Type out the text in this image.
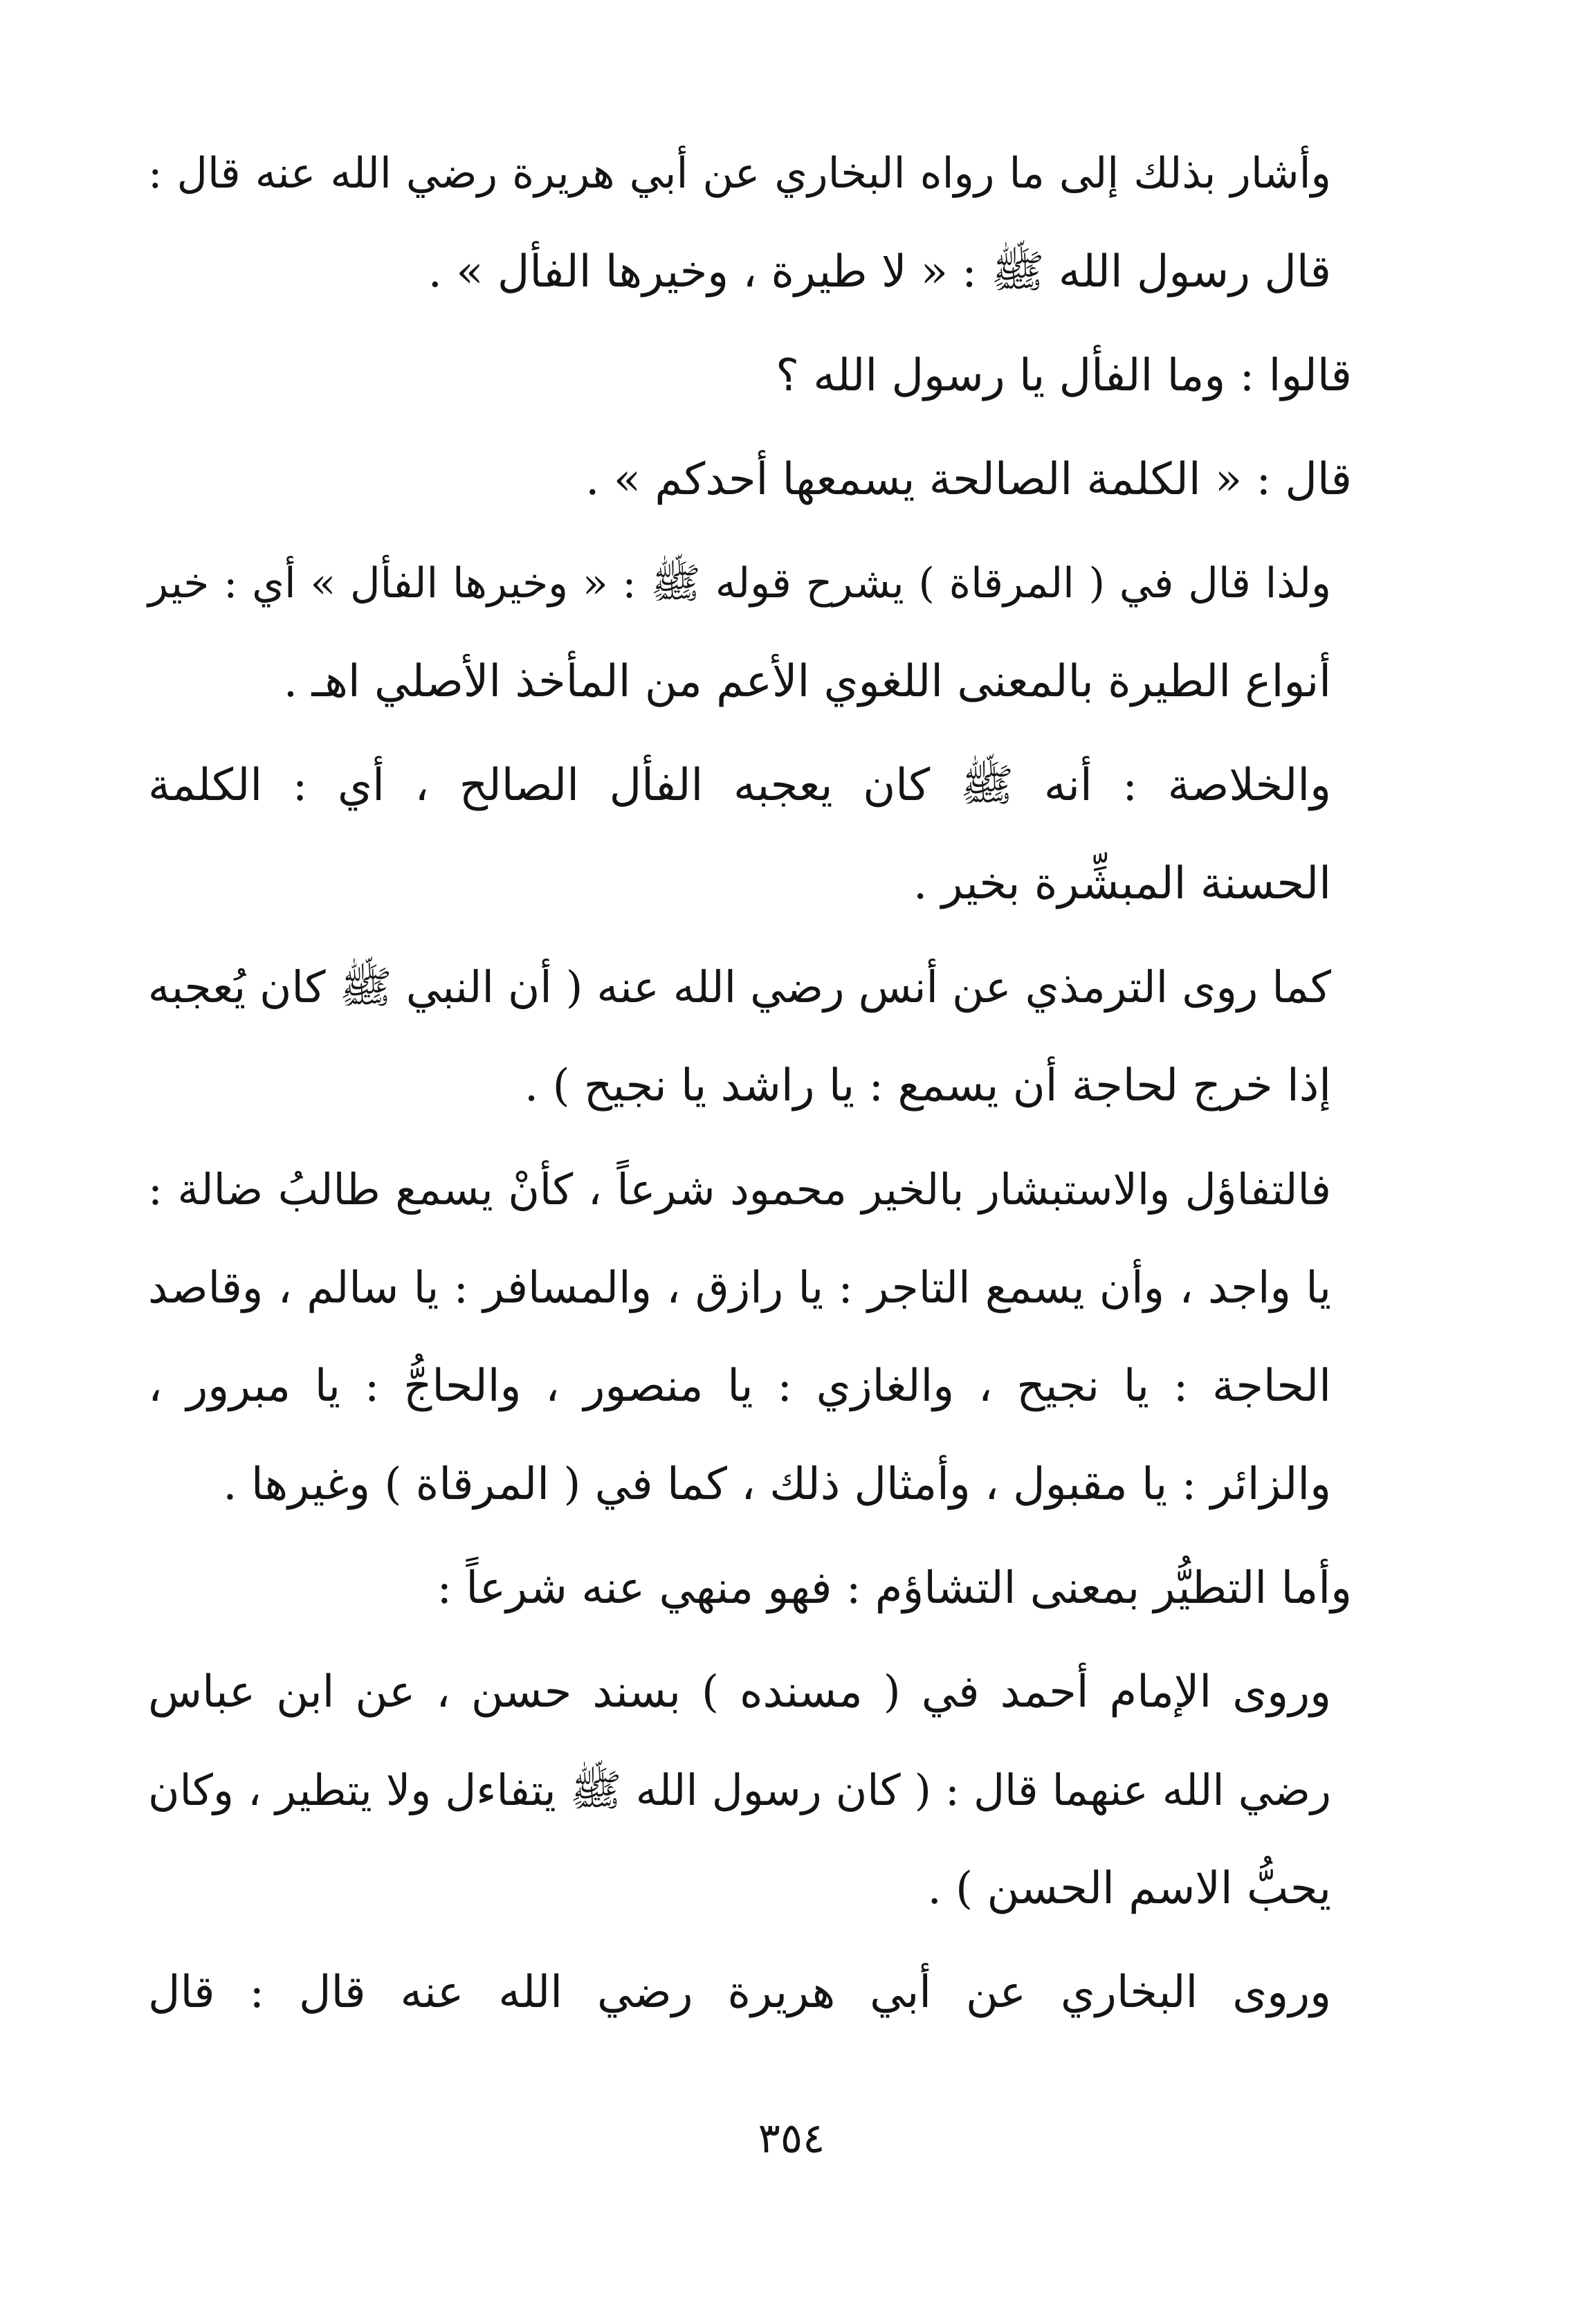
وأشار بذلك إلى ما رواه البخاري عن أبي هريرة رضي الله عنه قال :
قال رسول الله ﷺ : « لا طيرة ، وخيرها الفأل » .

قالوا : وما الفأل يا رسول الله ؟

قال : « الكلمة الصالحة يسمعها أحدكم » .

ولذا قال في ( المرقاة ) يشرح قوله ﷺ : « وخيرها الفأل » أي : خير
أنواع الطيرة بالمعنى اللغوي الأعم من المأخذ الأصلي اهـ .

والخلاصة : أنه ﷺ كان يعجبه الفأل الصالح ، أي : الكلمة
الحسنة المبشِّرة بخير .

كما روى الترمذي عن أنس رضي الله عنه ( أن النبي ﷺ كان يُعجبه
إذا خرج لحاجة أن يسمع : يا راشد يا نجيح ) .

فالتفاؤل والاستبشار بالخير محمود شرعاً ، كأنْ يسمع طالبُ ضالة :
يا واجد ، وأن يسمع التاجر : يا رازق ، والمسافر : يا سالم ، وقاصد
الحاجة : يا نجيح ، والغازي : يا منصور ، والحاجُّ : يا مبرور ،
والزائر : يا مقبول ، وأمثال ذلك ، كما في ( المرقاة ) وغيرها .

وأما التطيُّر بمعنى التشاؤم : فهو منهي عنه شرعاً :

وروى الإمام أحمد في ( مسنده ) بسند حسن ، عن ابن عباس
رضي الله عنهما قال : ( كان رسول الله ﷺ يتفاءل ولا يتطير ، وكان
يحبُّ الاسم الحسن ) .

وروى البخاري عن أبي هريرة رضي الله عنه قال : قال

٣٥٤
